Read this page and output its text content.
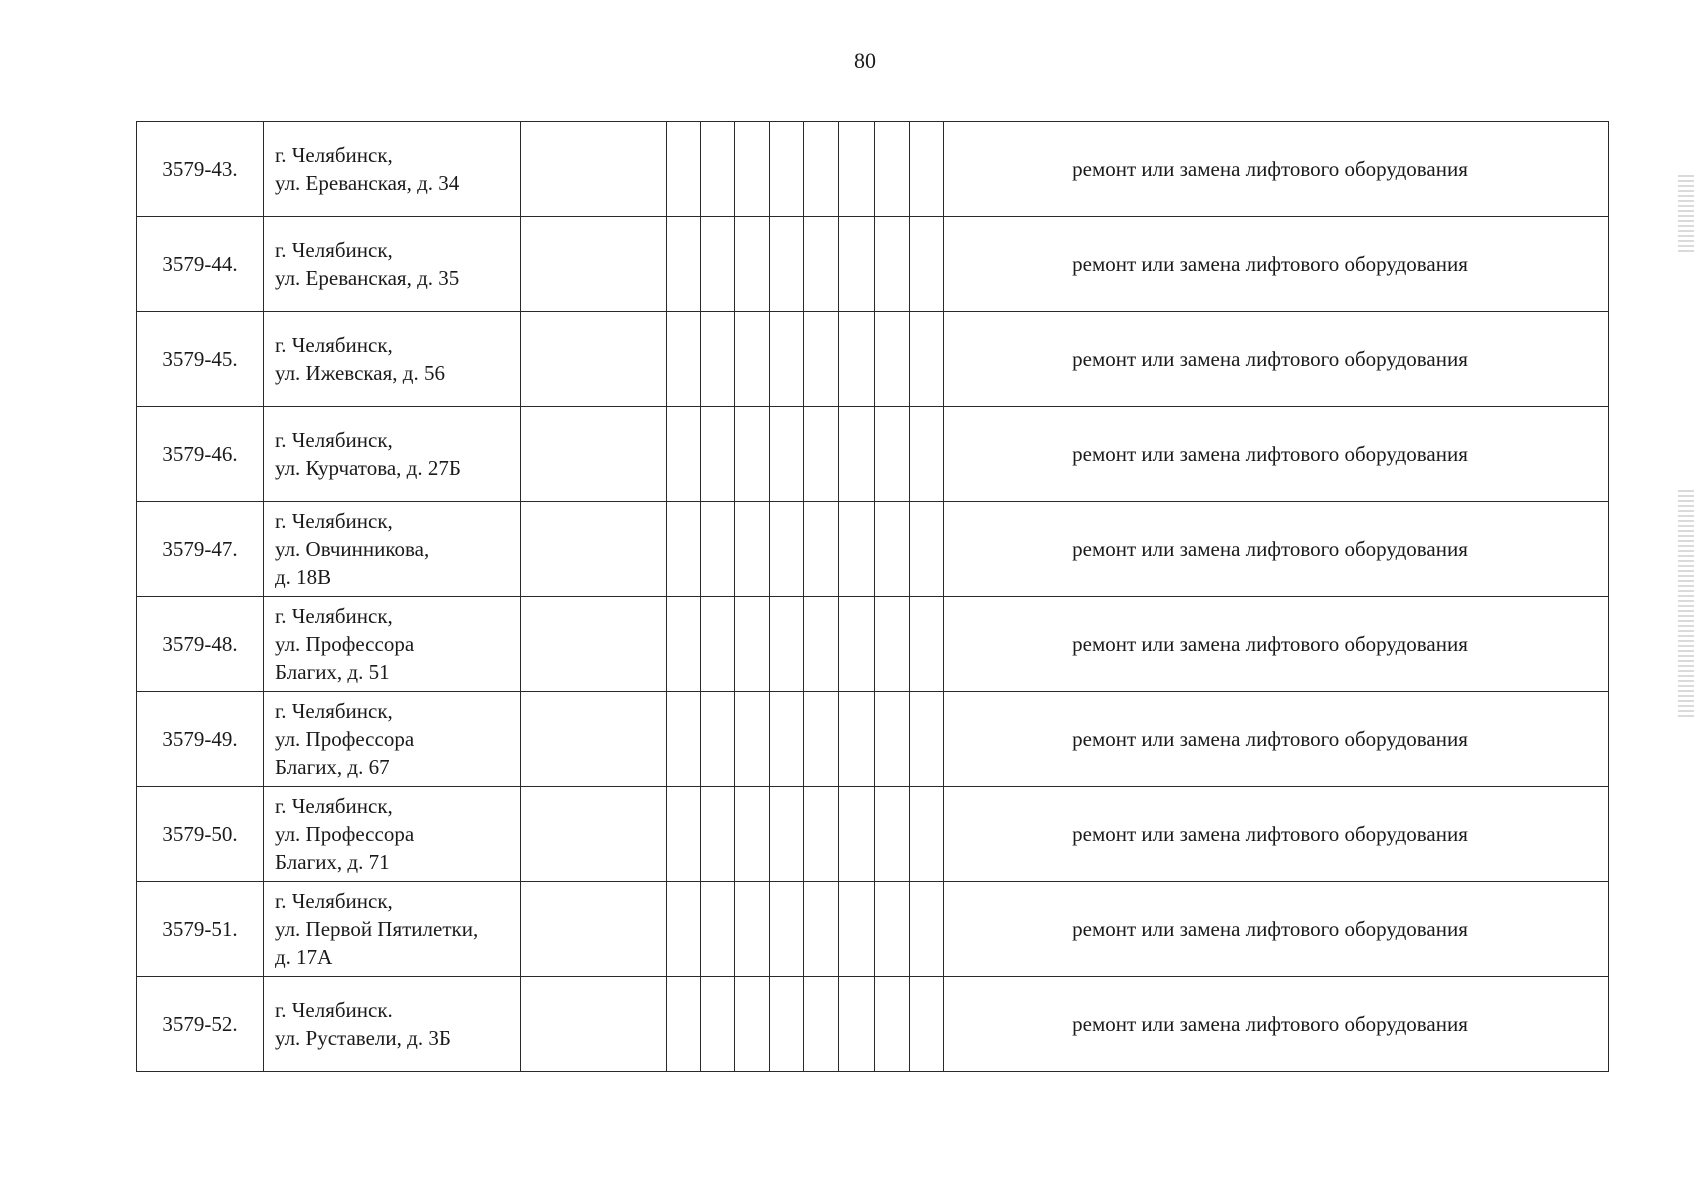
80
3579-43.	г. Челябинск,
ул. Ереванская, д. 34										ремонт или замена лифтового оборудования
3579-44.	г. Челябинск,
ул. Ереванская, д. 35										ремонт или замена лифтового оборудования
3579-45.	г. Челябинск,
ул. Ижевская, д. 56										ремонт или замена лифтового оборудования
3579-46.	г. Челябинск,
ул. Курчатова, д. 27Б										ремонт или замена лифтового оборудования
3579-47.	г. Челябинск,
ул. Овчинникова,
д. 18В										ремонт или замена лифтового оборудования
3579-48.	г. Челябинск,
ул. Профессора
Благих, д. 51										ремонт или замена лифтового оборудования
3579-49.	г. Челябинск,
ул. Профессора
Благих, д. 67										ремонт или замена лифтового оборудования
3579-50.	г. Челябинск,
ул. Профессора
Благих, д. 71										ремонт или замена лифтового оборудования
3579-51.	г. Челябинск,
ул. Первой Пятилетки,
д. 17А										ремонт или замена лифтового оборудования
3579-52.	г. Челябинск.
ул. Руставели, д. 3Б										ремонт или замена лифтового оборудования
